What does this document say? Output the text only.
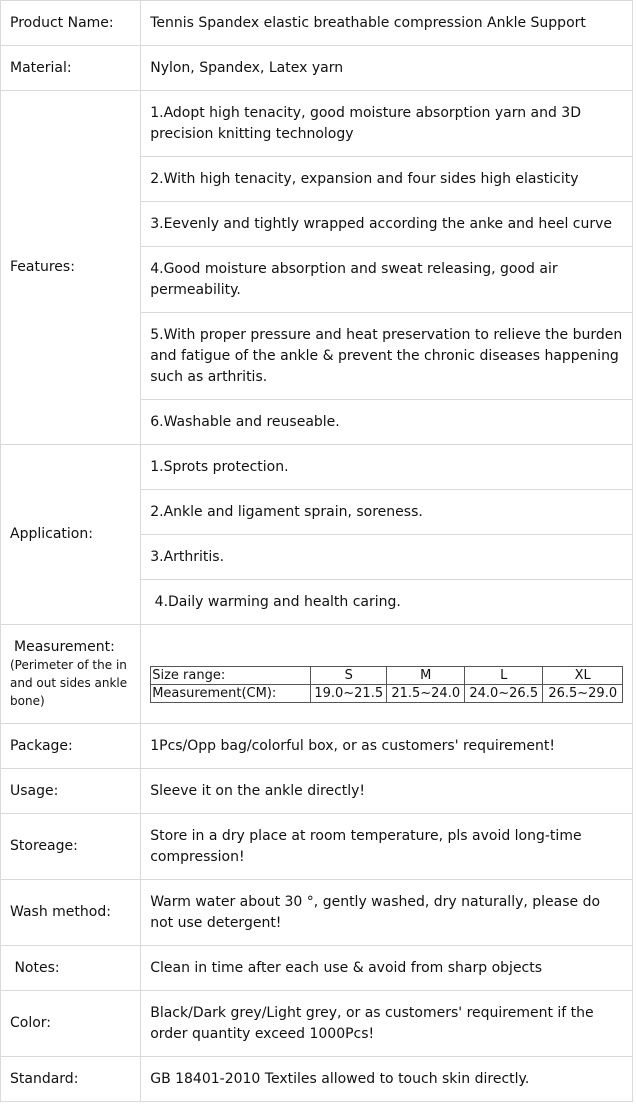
Product Name:	Tennis Spandex elastic breathable compression Ankle Support
Material:	Nylon, Spandex, Latex yarn
Features:	1.Adopt high tenacity, good moisture absorption yarn and 3D precision knitting technology
2.With high tenacity, expansion and four sides high elasticity
3.Eevenly and tightly wrapped according the anke and heel curve
4.Good moisture absorption and sweat releasing, good air permeability.
5.With proper pressure and heat preservation to relieve the burden and fatigue of the ankle & prevent the chronic diseases happening such as arthritis.
6.Washable and reuseable.
Application:	1.Sprots protection.
2.Ankle and ligament sprain, soreness.
3.Arthritis.
4.Daily warming and health caring.

Measurement:
(Perimeter of the in and out sides ankle bone)

Size range:	S	M	L	XL
Measurement(CM):	19.0~21.5	21.5~24.0	24.0~26.5	26.5~29.0

Package:	1Pcs/Opp bag/colorful box, or as customers' requirement!
Usage:	Sleeve it on the ankle directly!
Storeage:	Store in a dry place at room temperature, pls avoid long-time compression!
Wash method:	Warm water about 30 °, gently washed, dry naturally, please do not use detergent!
Notes:	Clean in time after each use & avoid from sharp objects
Color:	Black/Dark grey/Light grey, or as customers' requirement if the order quantity exceed 1000Pcs!
Standard:	GB 18401-2010 Textiles allowed to touch skin directly.
